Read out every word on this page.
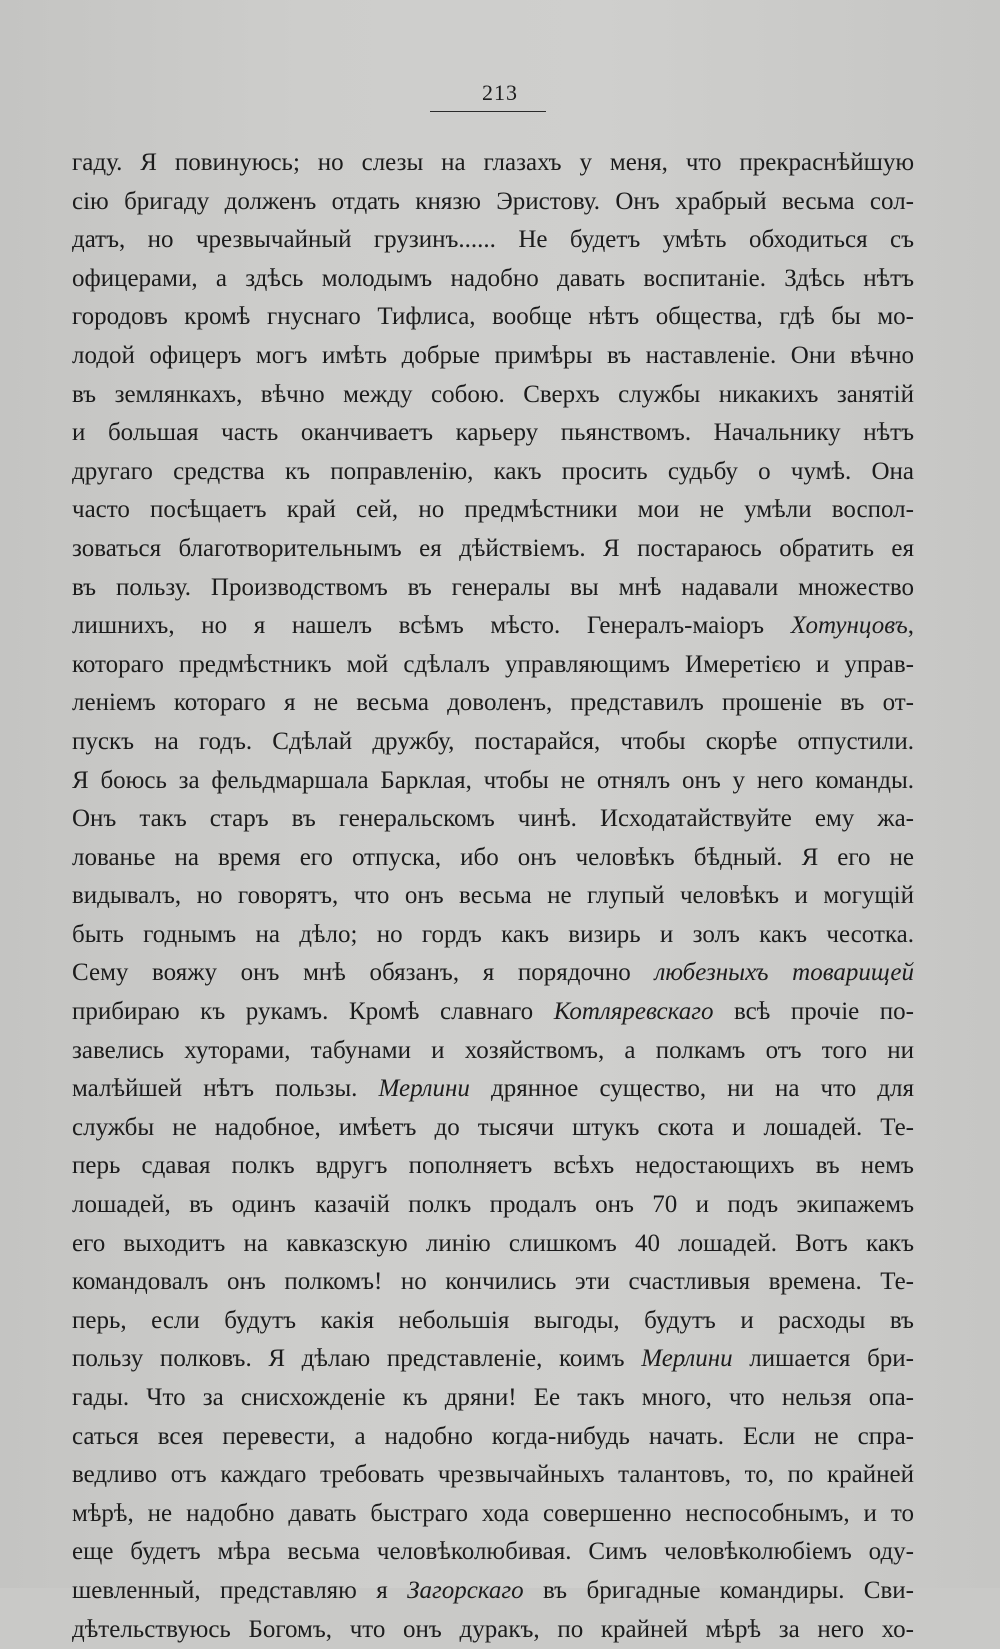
213
гаду. Я повинуюсь; но слезы на глазахъ у меня, что прекраснѣйшую
сію бригаду долженъ отдать князю Эристову. Онъ храбрый весьма сол-
датъ, но чрезвычайный грузинъ...... Не будетъ умѣть обходиться съ
офицерами, а здѣсь молодымъ надобно давать воспитаніе. Здѣсь нѣтъ
городовъ кромѣ гнуснаго Тифлиса, вообще нѣтъ общества, гдѣ бы мо-
лодой офицеръ могъ имѣть добрые примѣры въ наставленіе. Они вѣчно
въ землянкахъ, вѣчно между собою. Сверхъ службы никакихъ занятій
и большая часть оканчиваетъ карьеру пьянствомъ. Начальнику нѣтъ
другаго средства къ поправленію, какъ просить судьбу о чумѣ. Она
часто посѣщаетъ край сей, но предмѣстники мои не умѣли воспол-
зоваться благотворительнымъ ея дѣйствіемъ. Я постараюсь обратить ея
въ пользу. Производствомъ въ генералы вы мнѣ надавали множество
лишнихъ, но я нашелъ всѣмъ мѣсто. Генералъ-маіоръ Хотунцовъ,
котораго предмѣстникъ мой сдѣлалъ управляющимъ Имеретією и управ-
леніемъ котораго я не весьма доволенъ, представилъ прошеніе въ от-
пускъ на годъ. Сдѣлай дружбу, постарайся, чтобы скорѣе отпустили.
Я боюсь за фельдмаршала Барклая, чтобы не отнялъ онъ у него команды.
Онъ такъ старъ въ генеральскомъ чинѣ. Исходатайствуйте ему жа-
лованье на время его отпуска, ибо онъ человѣкъ бѣдный. Я его не
видывалъ, но говорятъ, что онъ весьма не глупый человѣкъ и могущій
быть годнымъ на дѣло; но гордъ какъ визирь и золъ какъ чесотка.
Сему вояжу онъ мнѣ обязанъ, я порядочно любезныхъ товарищей
прибираю къ рукамъ. Кромѣ славнаго Котляревскаго всѣ прочіе по-
завелись хуторами, табунами и хозяйствомъ, а полкамъ отъ того ни
малѣйшей нѣтъ пользы. Мерлини дрянное существо, ни на что для
службы не надобное, имѣетъ до тысячи штукъ скота и лошадей. Те-
перь сдавая полкъ вдругъ пополняетъ всѣхъ недостающихъ въ немъ
лошадей, въ одинъ казачій полкъ продалъ онъ 70 и подъ экипажемъ
его выходитъ на кавказскую линію слишкомъ 40 лошадей. Вотъ какъ
командовалъ онъ полкомъ! но кончились эти счастливыя времена. Те-
перь, если будутъ какія небольшія выгоды, будутъ и расходы въ
пользу полковъ. Я дѣлаю представленіе, коимъ Мерлини лишается бри-
гады. Что за снисхожденіе къ дряни! Ее такъ много, что нельзя опа-
саться всея перевести, а надобно когда-нибудь начать. Если не спра-
ведливо отъ каждаго требовать чрезвычайныхъ талантовъ, то, по крайней
мѣрѣ, не надобно давать быстраго хода совершенно неспособнымъ, и то
еще будетъ мѣра весьма человѣколюбивая. Симъ человѣколюбіемъ оду-
шевленный, представляю я Загорскаго въ бригадные командиры. Сви-
дѣтельствуюсь Богомъ, что онъ дуракъ, по крайней мѣрѣ за него хо-
